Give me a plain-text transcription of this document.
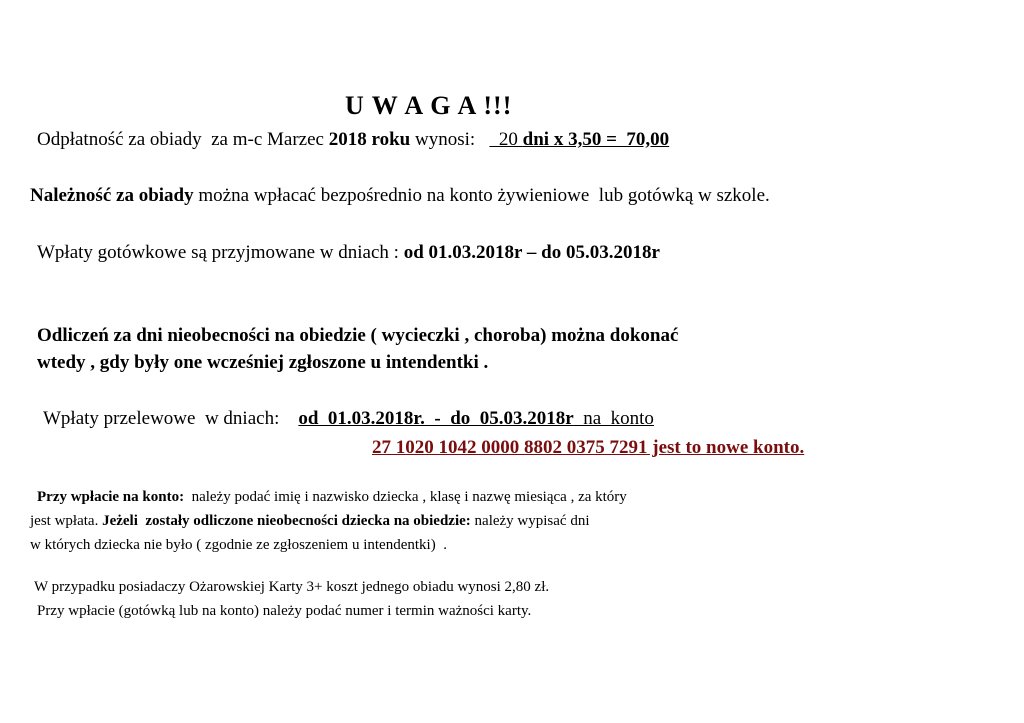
U W A G A !!!
Odpłatność za obiady  za m-c Marzec 2018 roku wynosi:     20 dni x 3,50 =  70,00
Należność za obiady można wpłacać bezpośrednio na konto żywieniowe  lub gotówką w szkole.
Wpłaty gotówkowe są przyjmowane w dniach : od 01.03.2018r – do 05.03.2018r
Odliczeń za dni nieobecności na obiedzie ( wycieczki , choroba) można dokonać
wtedy , gdy były one wcześniej zgłoszone u intendentki .
Wpłaty przelewowe  w dniach:    od  01.03.2018r.  -  do  05.03.2018r  na  konto
27 1020 1042 0000 8802 0375 7291 jest to nowe konto.
Przy wpłacie na konto:  należy podać imię i nazwisko dziecka , klasę i nazwę miesiąca , za który
jest wpłata. Jeżeli  zostały odliczone nieobecności dziecka na obiedzie: należy wypisać dni
w których dziecka nie było ( zgodnie ze zgłoszeniem u intendentki)  .
W przypadku posiadaczy Ożarowskiej Karty 3+ koszt jednego obiadu wynosi 2,80 zł.
Przy wpłacie (gotówką lub na konto) należy podać numer i termin ważności karty.
